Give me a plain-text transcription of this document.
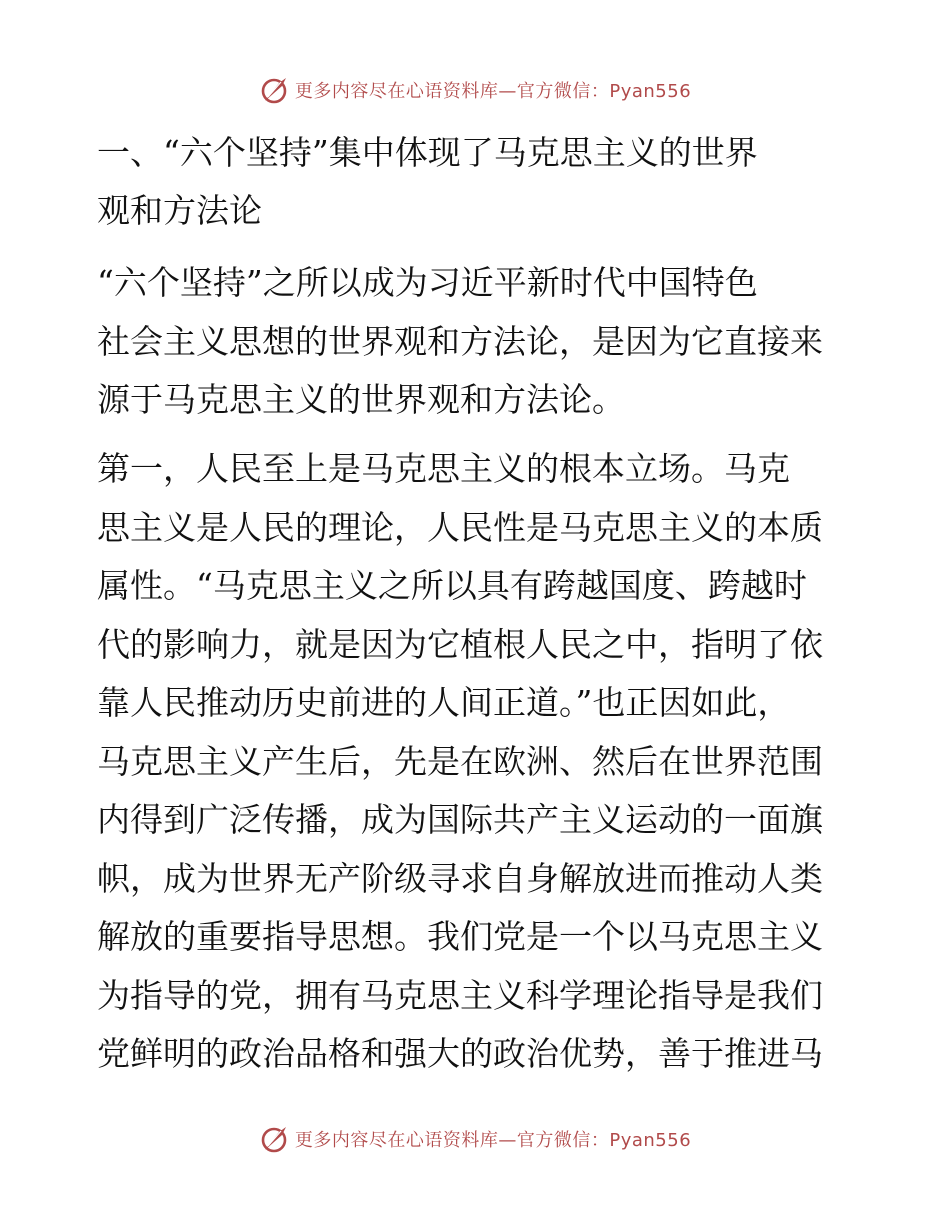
更多内容尽在心语资料库—官方微信：Pyan556
一、“六个坚持”集中体现了马克思主义的世界
观和方法论

“六个坚持”之所以成为习近平新时代中国特色
社会主义思想的世界观和方法论，是因为它直接来
源于马克思主义的世界观和方法论。

第一，人民至上是马克思主义的根本立场。马克
思主义是人民的理论，人民性是马克思主义的本质
属性。“马克思主义之所以具有跨越国度、跨越时
代的影响力，就是因为它植根人民之中，指明了依
靠人民推动历史前进的人间正道。”也正因如此，
马克思主义产生后，先是在欧洲、然后在世界范围
内得到广泛传播，成为国际共产主义运动的一面旗
帜，成为世界无产阶级寻求自身解放进而推动人类
解放的重要指导思想。我们党是一个以马克思主义
为指导的党，拥有马克思主义科学理论指导是我们
党鲜明的政治品格和强大的政治优势，善于推进马

更多内容尽在心语资料库—官方微信：Pyan556
